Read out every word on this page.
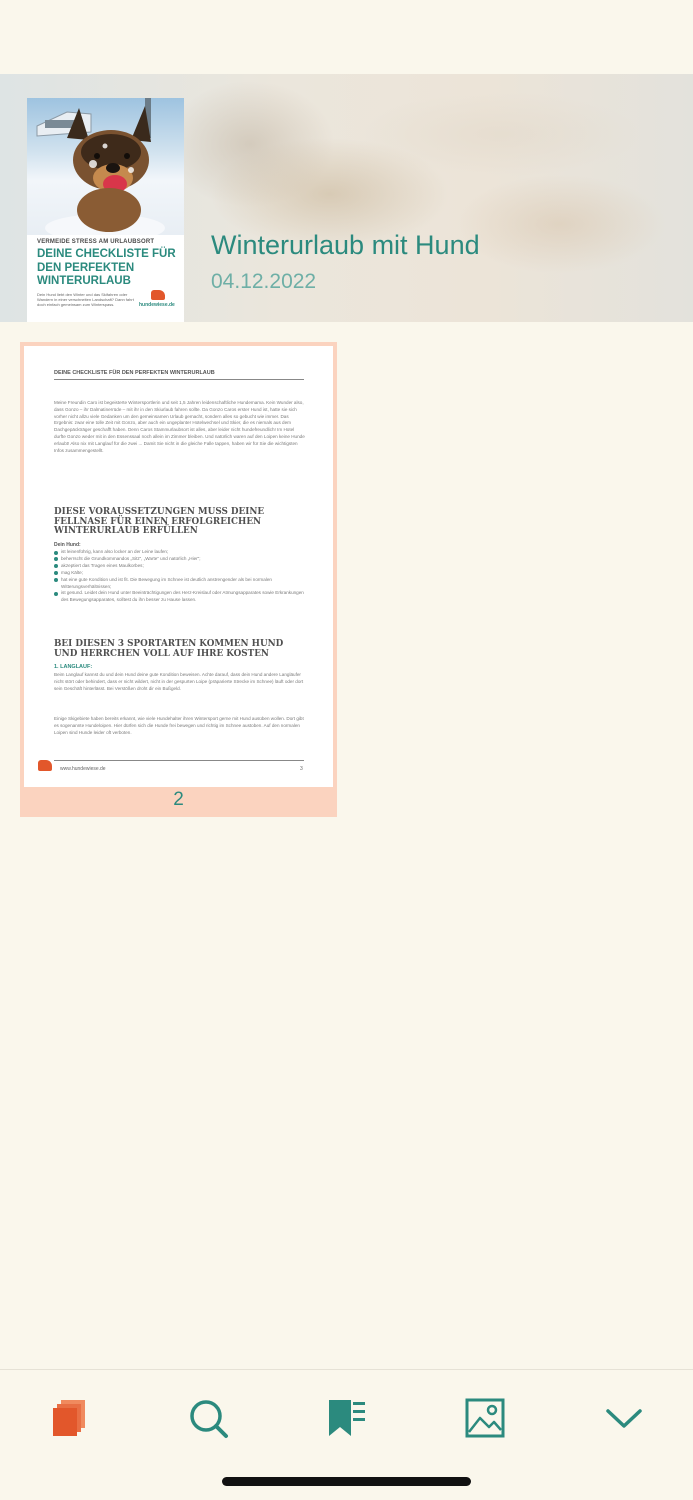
VERMEIDE STRESS AM URLAUBSORT
DEINE CHECKLISTE FÜR DEN PERFEKTEN WINTERURLAUB
Dein Hund liebt den Winter und das Skifahren oder Wandern in einer verschneiten Landschaft? Dann fahrt doch einfach gemeinsam zum Winterspass.	hundewiese.de
Winterurlaub mit Hund
04.12.2022
DEINE CHECKLISTE FÜR DEN PERFEKTEN WINTERURLAUB
Meine Freundin Caro ist begeisterte Wintersportlerin und seit 1,5 Jahren leidenschaftliche Hundemama. Kein Wunder also, dass Gonzo – ihr Dalmatinerrüde – mit ihr in den Skiurlaub fahren sollte. Da Gonzo Caros erster Hund ist, hatte sie sich vorher nicht allzu viele Gedanken um den gemeinsamen Urlaub gemacht, sondern alles so gebucht wie immer. Das Ergebnis: zwar eine tolle Zeit mit Gonzo, aber auch ein ungeplanter Hotelwechsel und Skier, die es niemals aus dem Dachgepäckträger geschafft haben. Denn Caros Stammurlaubsort ist alles, aber leider nicht hundefreundlich! Im Hotel durfte Gonzo weder mit in den Essenssaal noch allein im Zimmer bleiben. Und natürlich waren auf den Loipen keine Hunde erlaubt! Also nix mit Langlauf für die zwei ... Damit Sie nicht in die gleiche Falle tappen, haben wir für Sie die wichtigsten Infos zusammengestellt.
DIESE VORAUSSETZUNGEN MUSS DEINE FELLNASE FÜR EINEN ERFOLGREICHEN WINTERURLAUB ERFÜLLEN
Dein Hund:
ist leinenführig, kann also locker an der Leine laufen;
beherrscht die Grundkommandos „Sitz“, „Warte“ und natürlich „Hier“;
akzeptiert das Tragen eines Maulkorbes;
mag Kälte;
hat eine gute Kondition und ist fit. Die Bewegung im Schnee ist deutlich anstrengender als bei normalen Witterungsverhältnissen;
ist gesund. Leidet dein Hund unter Beeinträchtigungen des Herz-Kreislauf oder Atmungsapparates sowie Erkrankungen des Bewegungsapparates, solltest du ihn besser zu Hause lassen.
BEI DIESEN 3 SPORTARTEN KOMMEN HUND UND HERRCHEN VOLL AUF IHRE KOSTEN
1. LANGLAUF:
Beim Langlauf kannst du und dein Hund deine gute Kondition beweisen. Achte darauf, dass dein Hund andere Langläufer nicht stört oder behindert, dass er nicht wildert, nicht in der gespurten Loipe (präparierte Strecke im Schnee) läuft oder dort sein Geschäft hinterlässt. Bei Verstößen droht dir ein Bußgeld.
Einige Skigebiete haben bereits erkannt, wie viele Hundehalter ihren Wintersport gerne mit Hund ausüben wollen. Dort gibt es sogenannte Hundeloipen. Hier dürfen sich die Hunde frei bewegen und richtig im Schnee austoben. Auf den normalen Loipen sind Hunde leider oft verboten.
www.hundewiese.de	3
2
